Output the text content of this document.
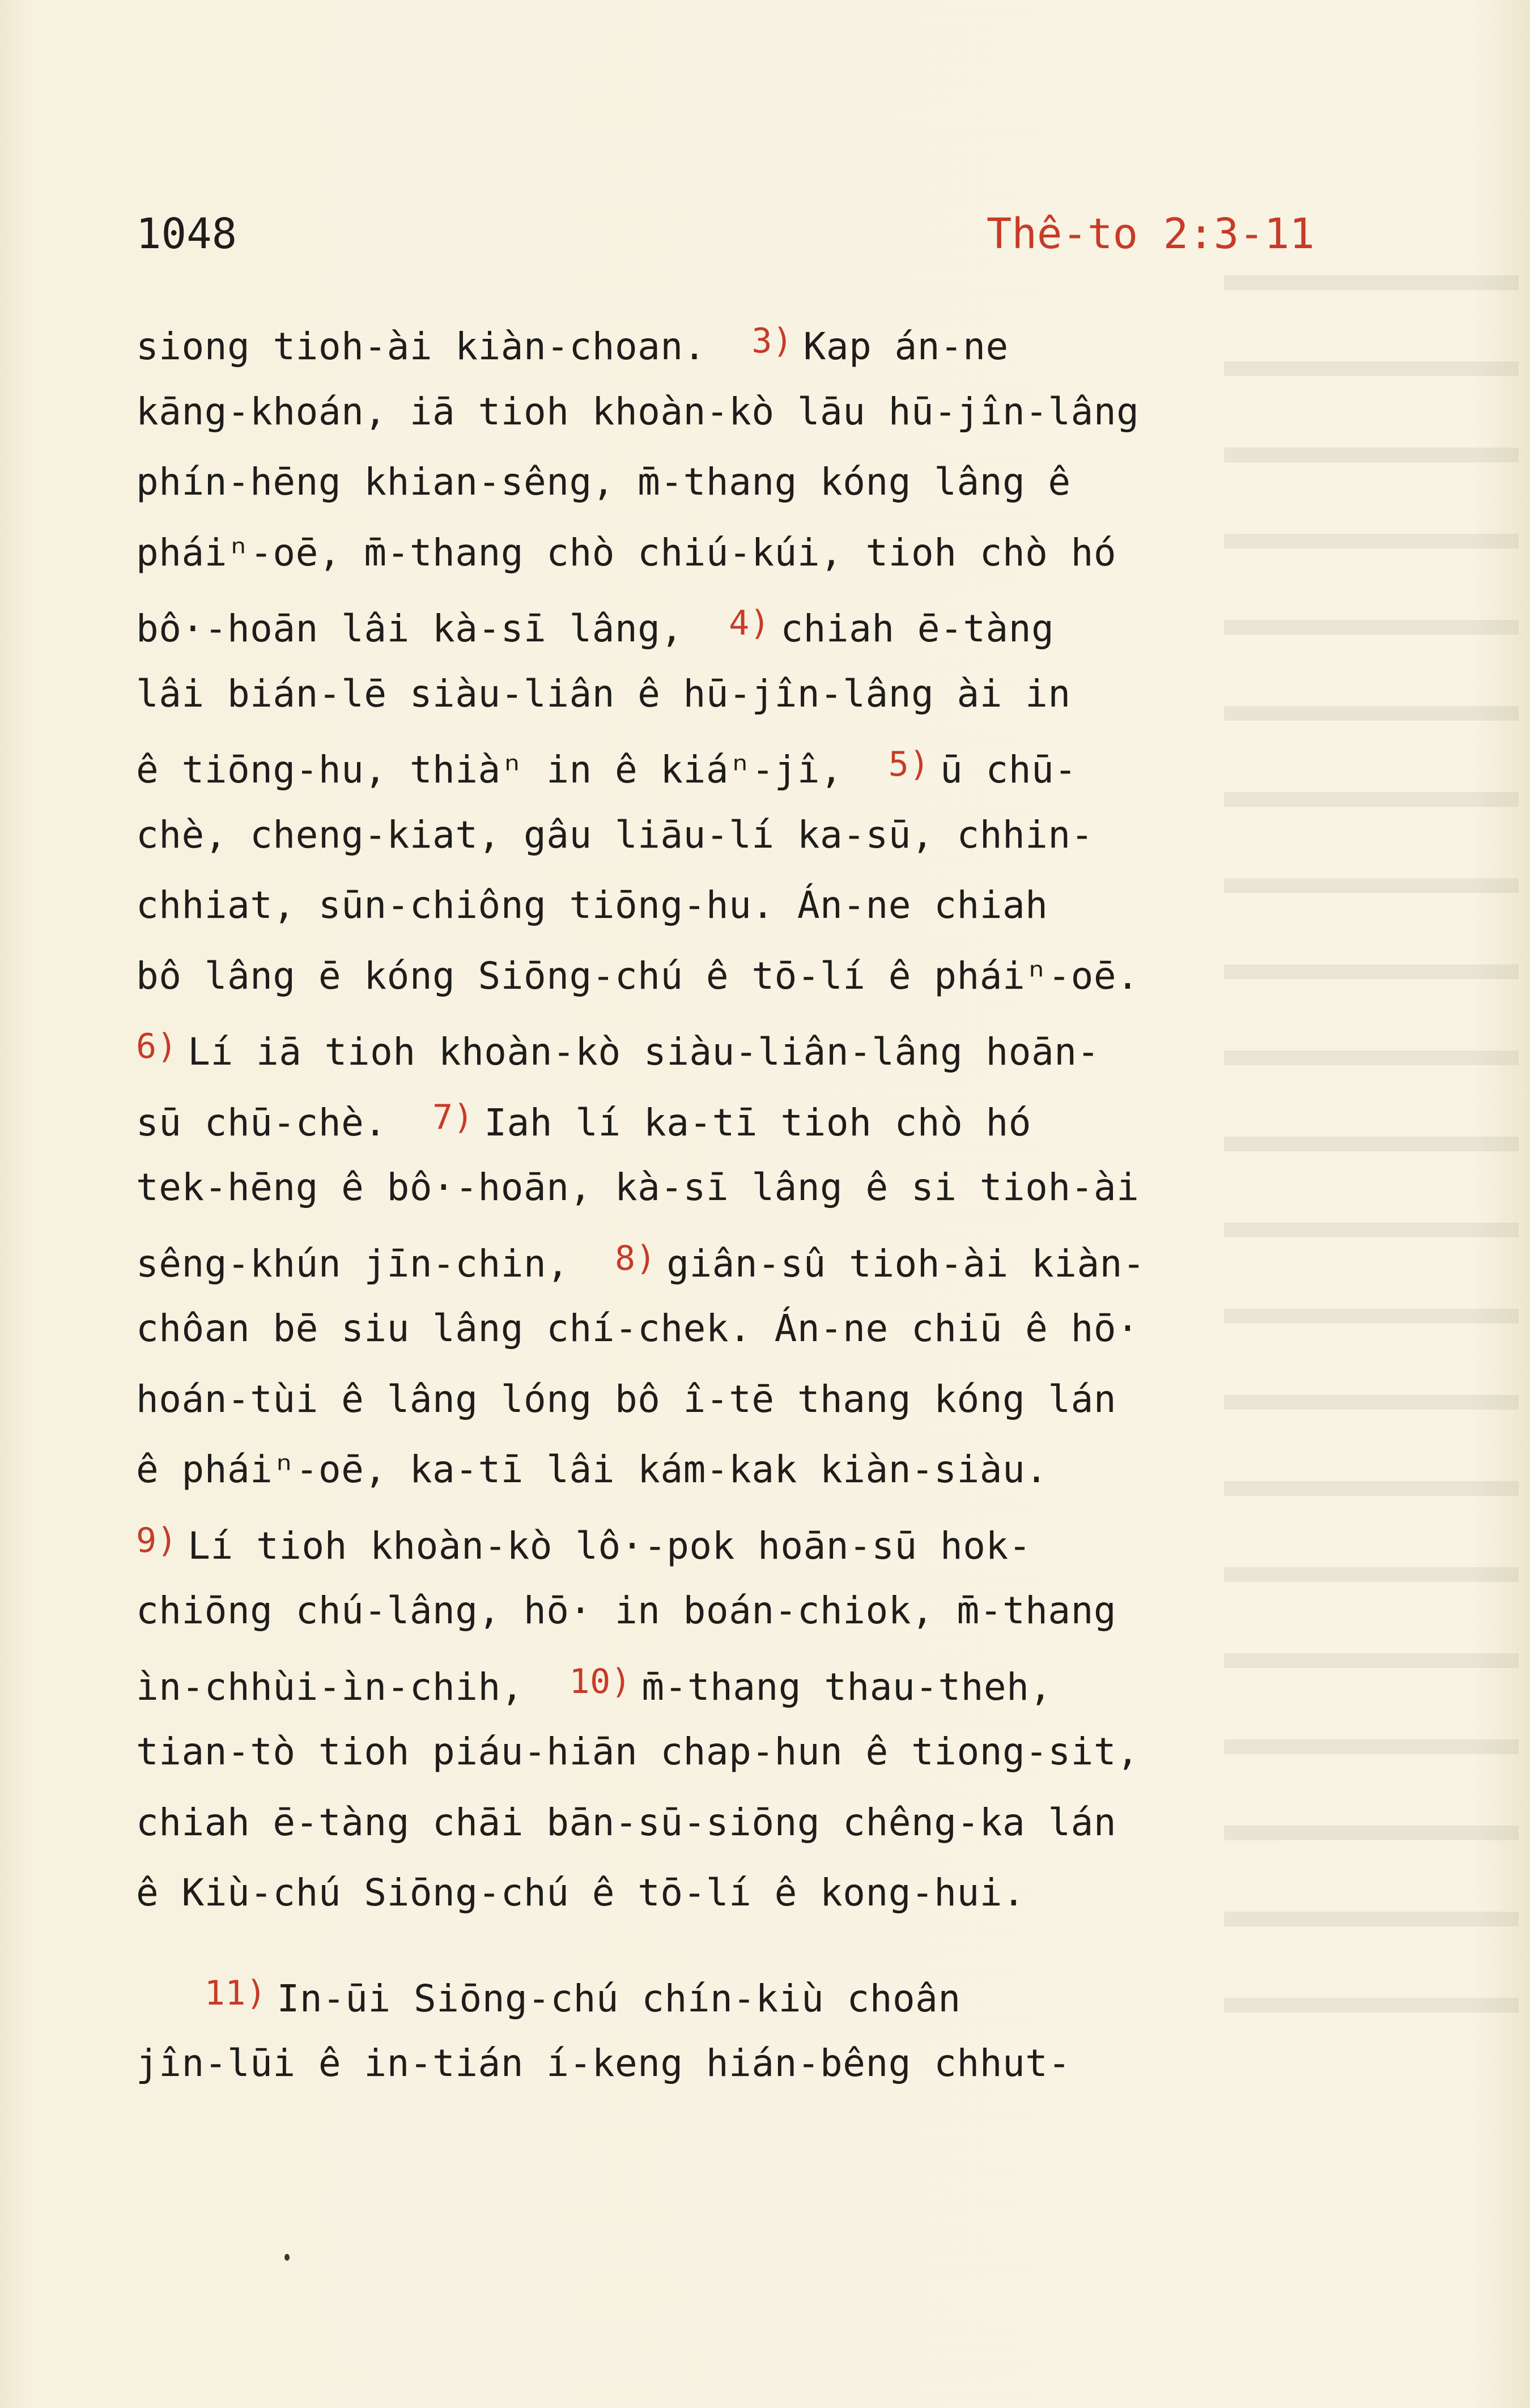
1048	Thê-to 2:3-11
siong tioh-ài kiàn-choan.  3) Kap án-ne
kāng-khoán, iā tioh khoàn-kò lāu hū-jîn-lâng
phín-hēng khian-sêng, m̄-thang kóng lâng ê
pháiⁿ-oē, m̄-thang chò chiú-kúi, tioh chò hó
bô·-hoān lâi kà-sī lâng,  4) chiah ē-tàng
lâi bián-lē siàu-liân ê hū-jîn-lâng ài in
ê tiōng-hu, thiàⁿ in ê kiáⁿ-jî,  5) ū chū-
chè, cheng-kiat, gâu liāu-lí ka-sū, chhin-
chhiat, sūn-chiông tiōng-hu. Án-ne chiah
bô lâng ē kóng Siōng-chú ê tō-lí ê pháiⁿ-oē.
6) Lí iā tioh khoàn-kò siàu-liân-lâng hoān-
sū chū-chè.  7) Iah lí ka-tī tioh chò hó
tek-hēng ê bô·-hoān, kà-sī lâng ê si tioh-ài
sêng-khún jīn-chin,  8) giân-sû tioh-ài kiàn-
chôan bē siu lâng chí-chek. Án-ne chiū ê hō·
hoán-tùi ê lâng lóng bô î-tē thang kóng lán
ê pháiⁿ-oē, ka-tī lâi kám-kak kiàn-siàu.
9) Lí tioh khoàn-kò lô·-pok hoān-sū hok-
chiōng chú-lâng, hō· in boán-chiok, m̄-thang
ìn-chhùi-ìn-chih,  10) m̄-thang thau-theh,
tian-tò tioh piáu-hiān chap-hun ê tiong-sit,
chiah ē-tàng chāi bān-sū-siōng chêng-ka lán
ê Kiù-chú Siōng-chú ê tō-lí ê kong-hui.
11) In-ūi Siōng-chú chín-kiù choân
jîn-lūi ê in-tián í-keng hián-bêng chhut-
